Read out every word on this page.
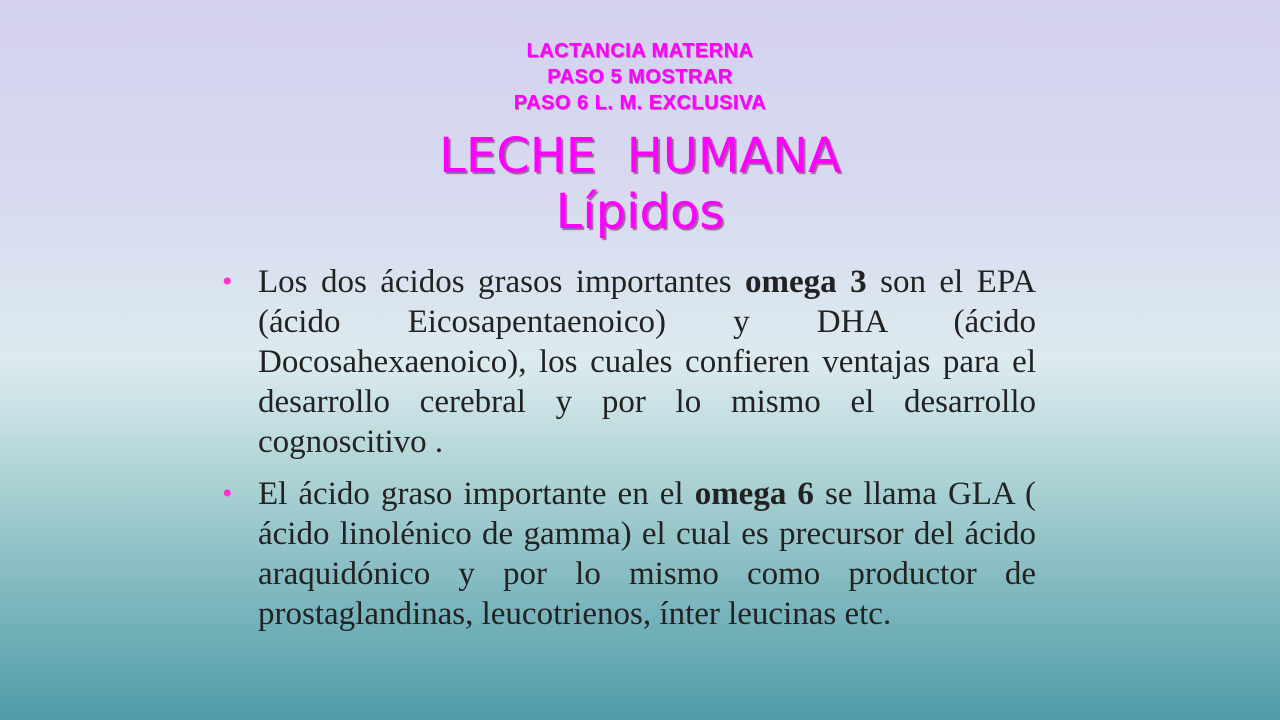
LACTANCIA MATERNA
PASO 5 MOSTRAR
PASO 6 L. M. EXCLUSIVA
LECHE  HUMANA
Lípidos
• Los dos ácidos grasos importantes omega 3 son el EPA (ácido Eicosapentaenoico) y DHA (ácido Docosahexaenoico), los cuales confieren ventajas para el desarrollo cerebral y por lo mismo el desarrollo cognoscitivo .
• El ácido graso importante en el omega 6 se llama GLA ( ácido linolénico de gamma) el cual es precursor del ácido araquidónico y por lo mismo como productor de prostaglandinas, leucotrienos, ínter leucinas etc.
